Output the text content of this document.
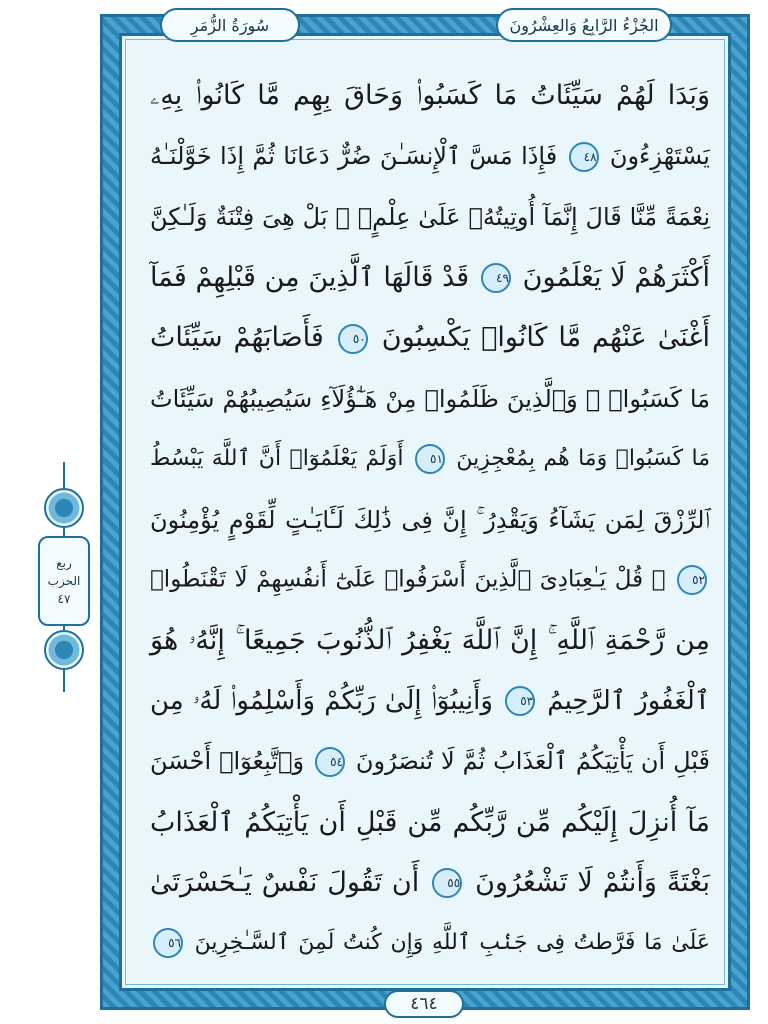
الجُزْءُ الرَّابِعُ وَالعِشْرُونَ
سُورَةُ الزُّمَرِ
ربع
الحزب
٤٧
وَبَدَا لَهُمْ سَيِّئَاتُ مَا كَسَبُوا۟ وَحَاقَ بِهِم مَّا كَانُوا۟ بِهِۦ
يَسْتَهْزِءُونَ ٤٨ فَإِذَا مَسَّ ٱلْإِنسَـٰنَ ضُرٌّ دَعَانَا ثُمَّ إِذَا خَوَّلْنَـٰهُ
نِعْمَةً مِّنَّا قَالَ إِنَّمَآ أُوتِيتُهُۥ عَلَىٰ عِلْمٍۭ ۚ بَلْ هِىَ فِتْنَةٌ وَلَـٰكِنَّ
أَكْثَرَهُمْ لَا يَعْلَمُونَ ٤٩ قَدْ قَالَهَا ٱلَّذِينَ مِن قَبْلِهِمْ فَمَآ
أَغْنَىٰ عَنْهُم مَّا كَانُوا۟ يَكْسِبُونَ ٥٠ فَأَصَابَهُمْ سَيِّئَاتُ
مَا كَسَبُوا۟ ۚ وَٱلَّذِينَ ظَلَمُوا۟ مِنْ هَـٰٓؤُلَآءِ سَيُصِيبُهُمْ سَيِّئَاتُ
مَا كَسَبُوا۟ وَمَا هُم بِمُعْجِزِينَ ٥١ أَوَلَمْ يَعْلَمُوٓا۟ أَنَّ ٱللَّهَ يَبْسُطُ
ٱلرِّزْقَ لِمَن يَشَآءُ وَيَقْدِرُ ۚ إِنَّ فِى ذَٰلِكَ لَـَٔايَـٰتٍ لِّقَوْمٍ يُؤْمِنُونَ
٥٢ ۞ قُلْ يَـٰعِبَادِىَ ٱلَّذِينَ أَسْرَفُوا۟ عَلَىٰٓ أَنفُسِهِمْ لَا تَقْنَطُوا۟
مِن رَّحْمَةِ ٱللَّهِ ۚ إِنَّ ٱللَّهَ يَغْفِرُ ٱلذُّنُوبَ جَمِيعًا ۚ إِنَّهُۥ هُوَ
ٱلْغَفُورُ ٱلرَّحِيمُ ٥٣ وَأَنِيبُوٓا۟ إِلَىٰ رَبِّكُمْ وَأَسْلِمُوا۟ لَهُۥ مِن
قَبْلِ أَن يَأْتِيَكُمُ ٱلْعَذَابُ ثُمَّ لَا تُنصَرُونَ ٥٤ وَٱتَّبِعُوٓا۟ أَحْسَنَ
مَآ أُنزِلَ إِلَيْكُم مِّن رَّبِّكُم مِّن قَبْلِ أَن يَأْتِيَكُمُ ٱلْعَذَابُ
بَغْتَةً وَأَنتُمْ لَا تَشْعُرُونَ ٥٥ أَن تَقُولَ نَفْسٌ يَـٰحَسْرَتَىٰ
عَلَىٰ مَا فَرَّطتُ فِى جَنۢبِ ٱللَّهِ وَإِن كُنتُ لَمِنَ ٱلسَّـٰخِرِينَ ٥٦
٤٦٤
